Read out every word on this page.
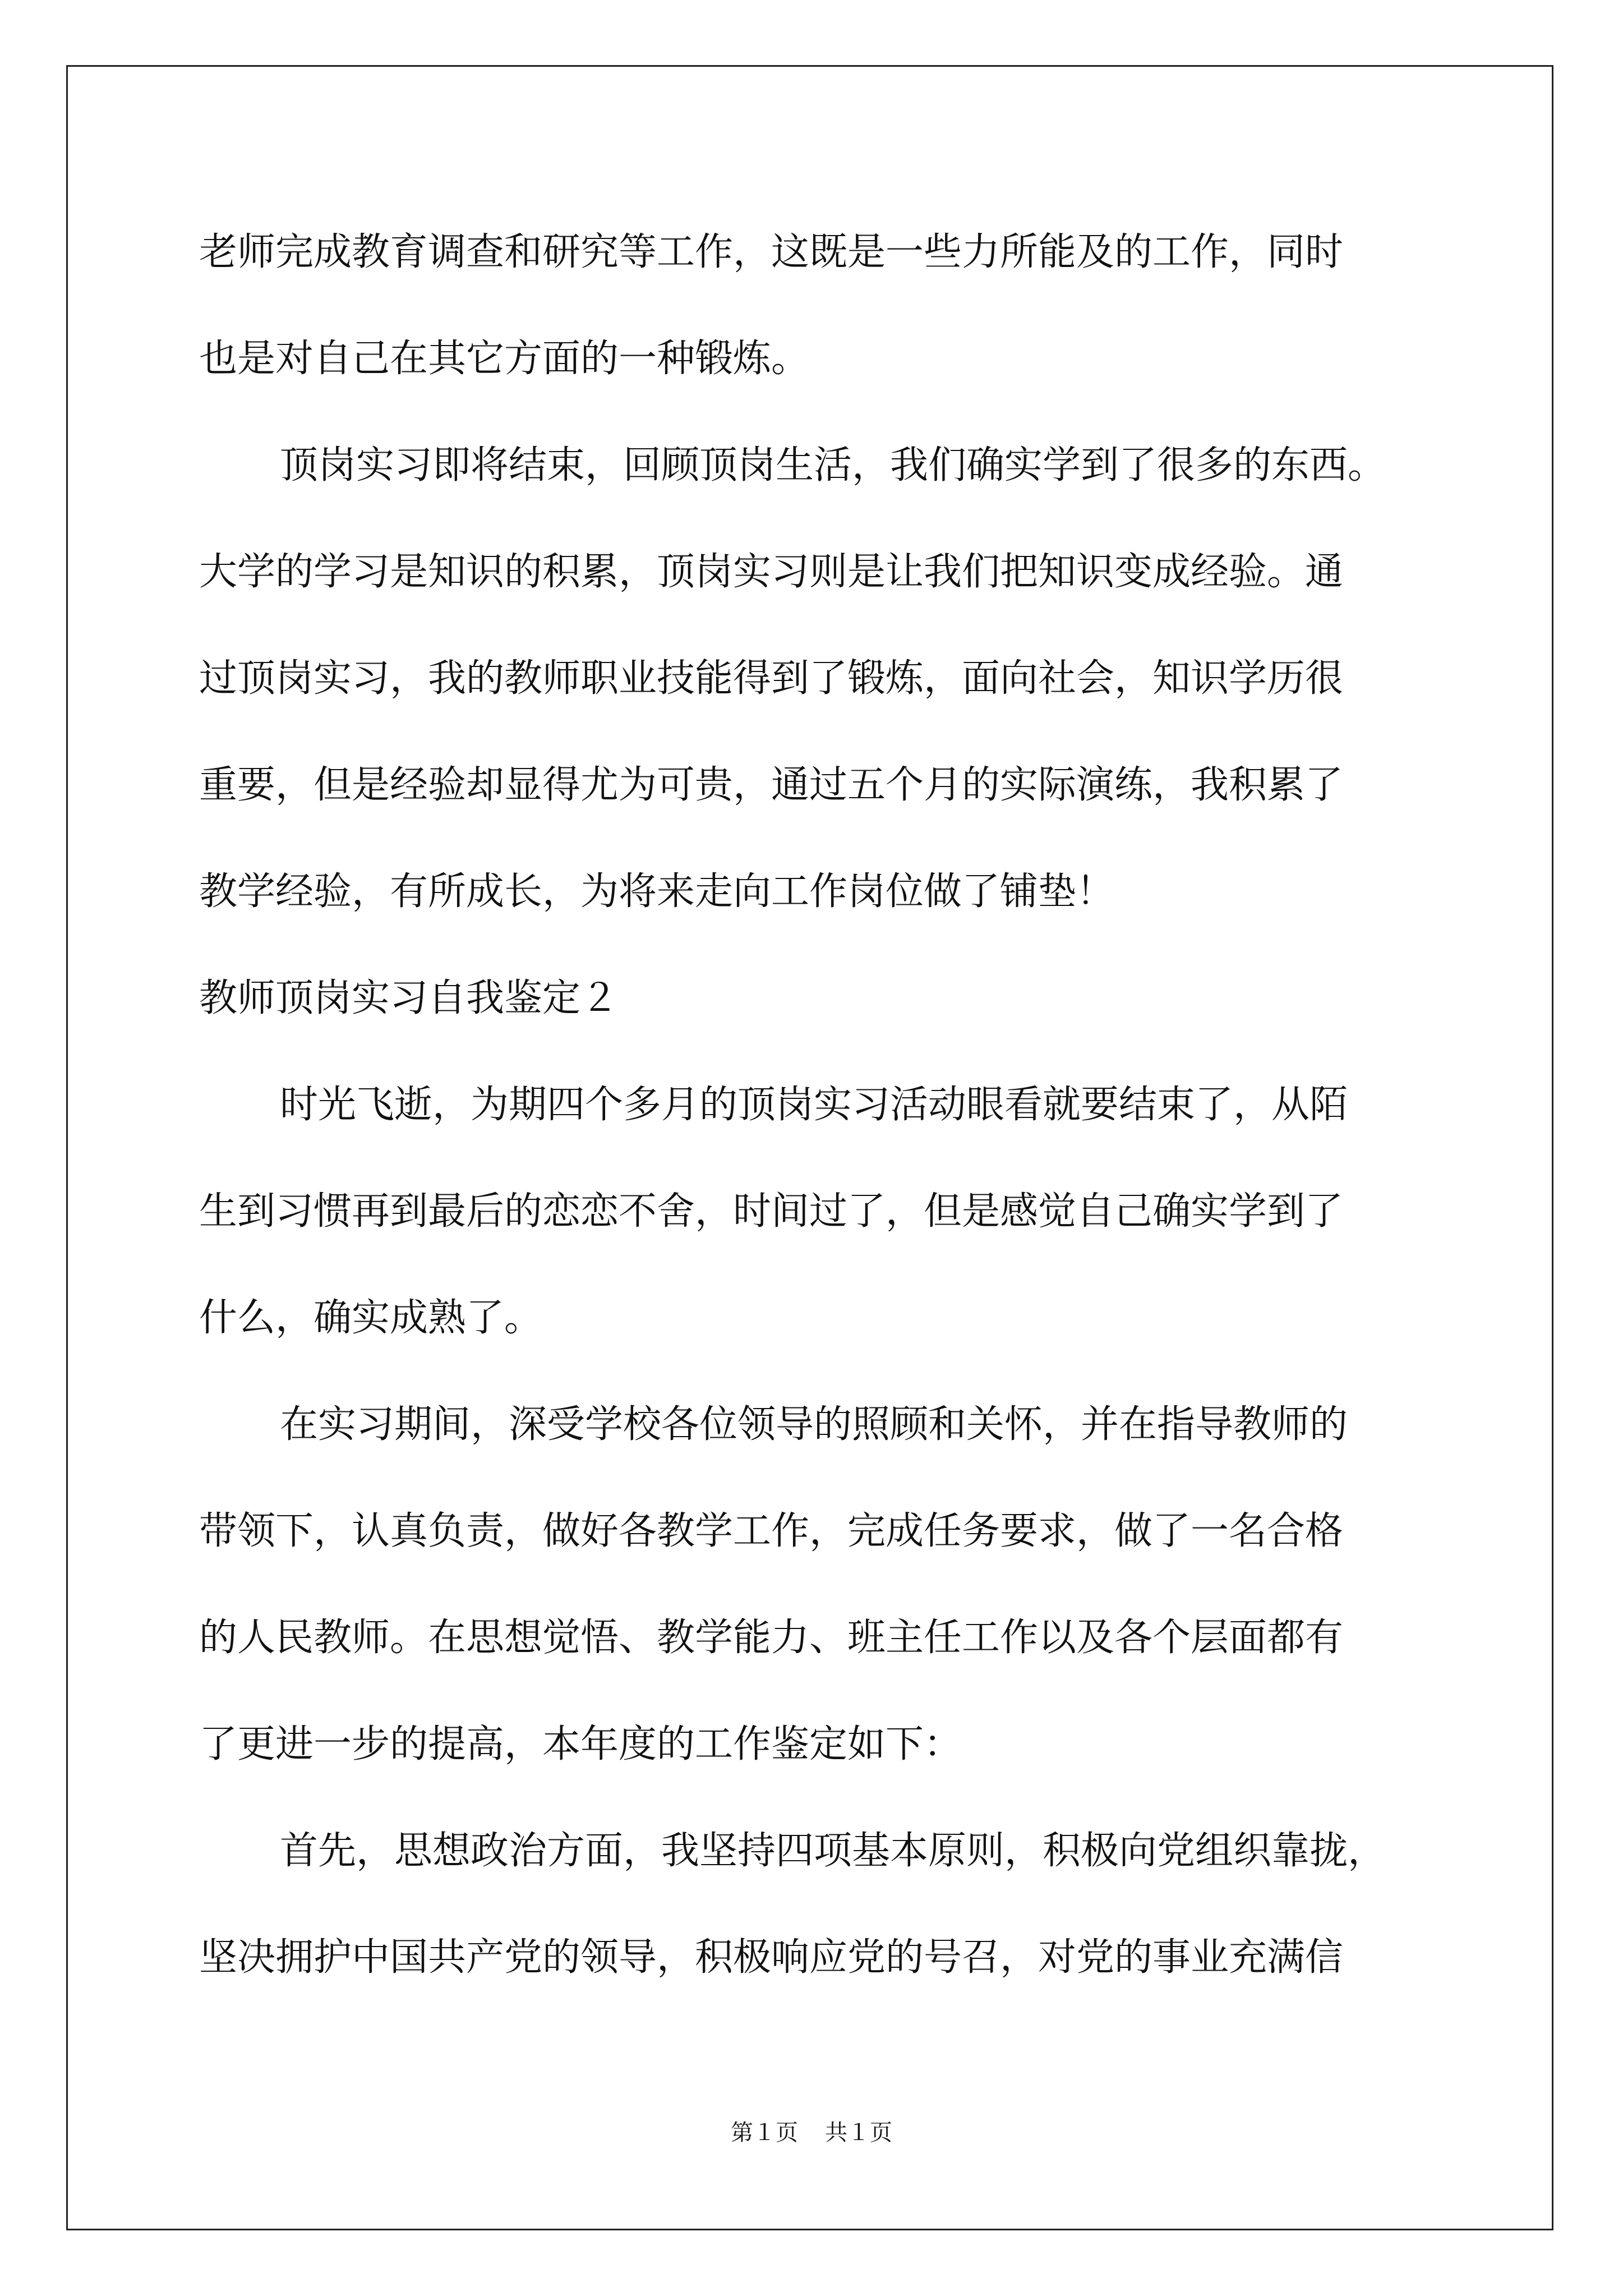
老师完成教育调查和研究等工作，这既是一些力所能及的工作，同时
也是对自己在其它方面的一种锻炼。

顶岗实习即将结束，回顾顶岗生活，我们确实学到了很多的东西。
大学的学习是知识的积累，顶岗实习则是让我们把知识变成经验。通
过顶岗实习，我的教师职业技能得到了锻炼，面向社会，知识学历很
重要，但是经验却显得尤为可贵，通过五个月的实际演练，我积累了
教学经验，有所成长，为将来走向工作岗位做了铺垫！

教师顶岗实习自我鉴定２

时光飞逝，为期四个多月的顶岗实习活动眼看就要结束了，从陌
生到习惯再到最后的恋恋不舍，时间过了，但是感觉自己确实学到了
什么，确实成熟了。

在实习期间，深受学校各位领导的照顾和关怀，并在指导教师的
带领下，认真负责，做好各教学工作，完成任务要求，做了一名合格
的人民教师。在思想觉悟、教学能力、班主任工作以及各个层面都有
了更进一步的提高，本年度的工作鉴定如下：

首先，思想政治方面，我坚持四项基本原则，积极向党组织靠拢，
坚决拥护中国共产党的领导，积极响应党的号召，对党的事业充满信

第１页 共１页
